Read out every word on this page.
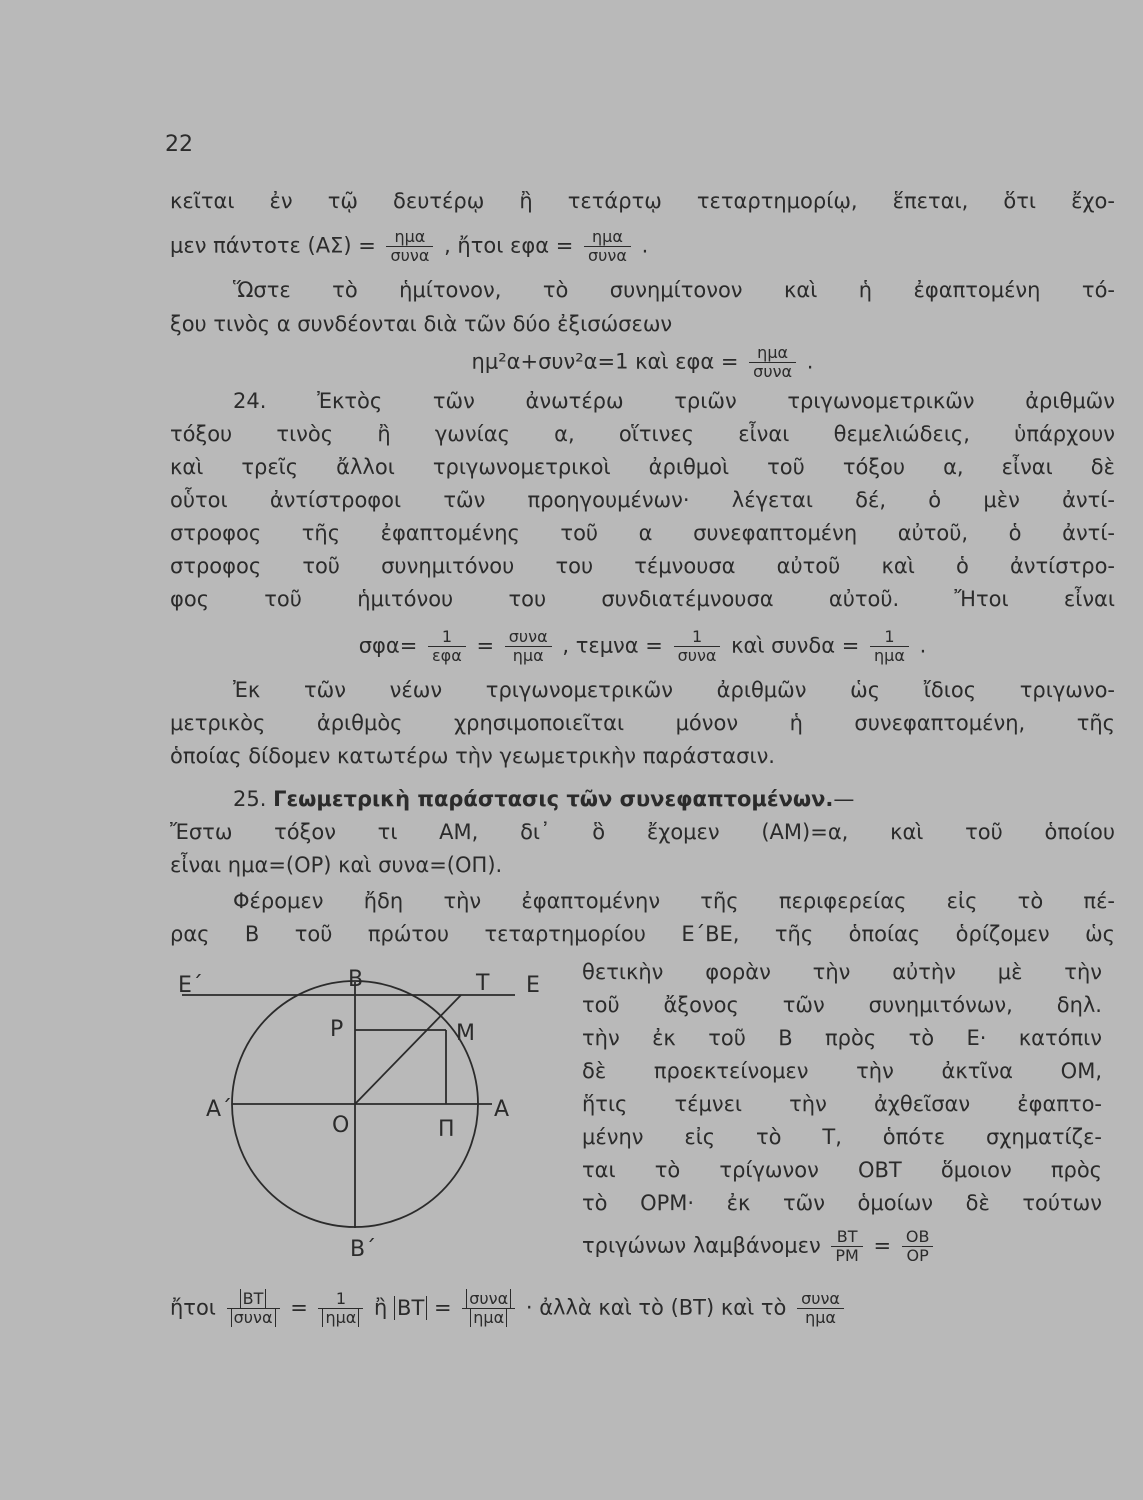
22
κεῖται ἐν τῷ δευτέρῳ ἢ τετάρτῳ τεταρτημορίῳ, ἕπεται, ὅτι ἔχο-
μεν πάντοτε $(A\Sigma) = \frac{\text{ημα}}{\text{συνα}}$ , ἤτοι $\varepsilon\varphi\alpha = \frac{\text{ημα}}{\text{συνα}}$ .
Ὥστε τὸ ἡμίτονον, τὸ συνημίτονον καὶ ἡ ἐφαπτομένη τό-
ξου τινὸς α συνδέονται διὰ τῶν δύο ἐξισώσεων
ημ²α+συν²α=1 καὶ $\varepsilon\varphi\alpha = \frac{\text{ημα}}{\text{συνα}}$ .
24. Ἐκτὸς τῶν ἀνωτέρω τριῶν τριγωνομετρικῶν ἀριθμῶν
τόξου τινὸς ἢ γωνίας α, οἵτινες εἶναι θεμελιώδεις, ὑπάρχουν
καὶ τρεῖς ἄλλοι τριγωνομετρικοὶ ἀριθμοὶ τοῦ τόξου α, εἶναι δὲ
οὗτοι ἀντίστροφοι τῶν προηγουμένων· λέγεται δέ, ὁ μὲν ἀντί-
στροφος τῆς ἐφαπτομένης τοῦ α συνεφαπτομένη αὐτοῦ, ὁ ἀντί-
στροφος τοῦ συνημιτόνου του τέμνουσα αὐτοῦ καὶ ὁ ἀντίστρο-
φος τοῦ ἡμιτόνου του συνδιατέμνουσα αὐτοῦ. Ἤτοι εἶναι
$\sigma\varphi\alpha= \frac{1}{\text{εφα}} = \frac{\text{συνα}}{\text{ημα}}$ , $\tau\varepsilon\mu\nu\alpha = \frac{1}{\text{συνα}}$ καὶ $\sigma\upsilon\nu\delta\alpha = \frac{1}{\text{ημα}}$ .
Ἐκ τῶν νέων τριγωνομετρικῶν ἀριθμῶν ὡς ἴδιος τριγωνο-
μετρικὸς ἀριθμὸς χρησιμοποιεῖται μόνον ἡ συνεφαπτομένη, τῆς
ὁποίας δίδομεν κατωτέρω τὴν γεωμετρικὴν παράστασιν.
25. Γεωμετρικὴ παράστασις τῶν συνεφαπτομένων.—
Ἔστω τόξον τι ΑΜ, δι᾽ ὃ ἔχομεν (ΑΜ)=α, καὶ τοῦ ὁποίου
εἶναι ημα=(ΟΡ) καὶ συνα=(ΟΠ).
Φέρομεν ἤδη τὴν ἐφαπτομένην τῆς περιφερείας εἰς τὸ πέ-
ρας Β τοῦ πρώτου τεταρτημορίου Ε΄ΒΕ, τῆς ὁποίας ὁρίζομεν ὡς
θετικὴν φορὰν τὴν αὐτὴν μὲ τὴν
τοῦ ἄξονος τῶν συνημιτόνων, δηλ.
τὴν ἐκ τοῦ Β πρὸς τὸ Ε· κατόπιν
δὲ προεκτείνομεν τὴν ἀκτῖνα ΟΜ,
ἥτις τέμνει τὴν ἀχθεῖσαν ἐφαπτο-
μένην εἰς τὸ Τ, ὁπότε σχηματίζε-
ται τὸ τρίγωνον ΟΒΤ ὅμοιον πρὸς
τὸ ΟΡΜ· ἐκ τῶν ὁμοίων δὲ τούτων
τριγώνων λαμβάνομεν $\frac{BT}{PM} = \frac{OB}{OP}$
ἤτοι $\frac{BT}{\text{συνα}} = \frac{1}{\text{ημα}}$ ἢ BT = $\frac{\text{συνα}}{\text{ημα}}$ · ἀλλὰ καὶ τὸ (ΒΤ) καὶ τὸ $\frac{\text{συνα}}{\text{ημα}}$
E΄	B	T E
P	M
A΄	A
O	Π
B΄
